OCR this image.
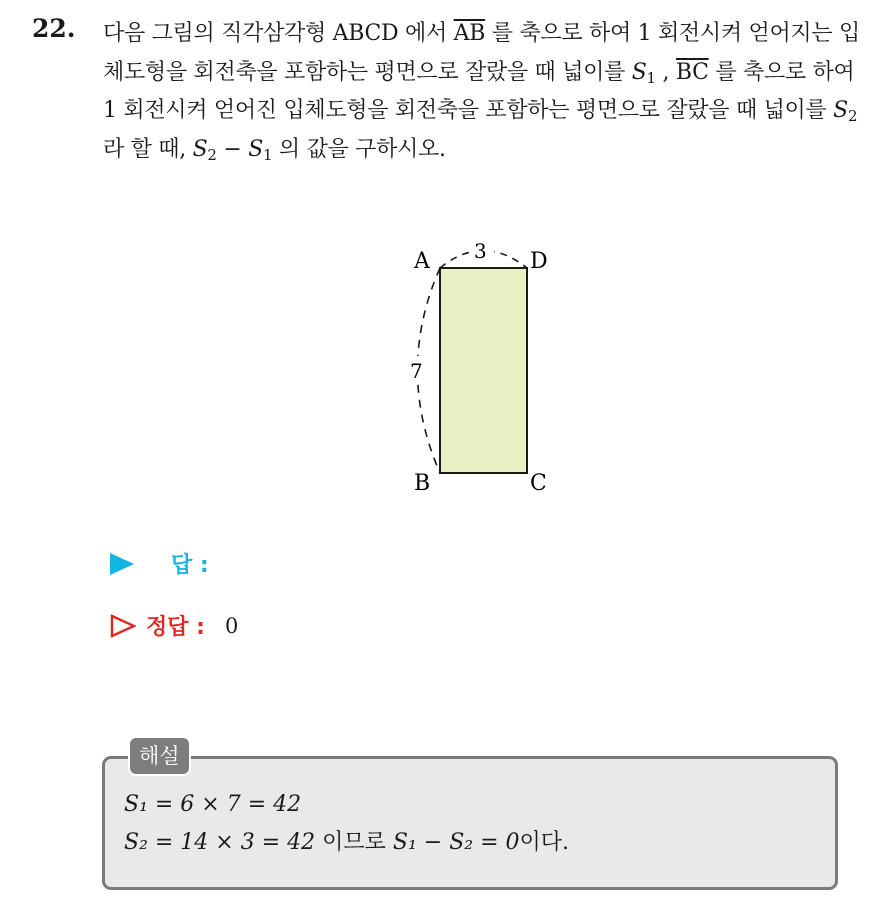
22. 다음 그림의 직각삼각형 ABCD 에서 $\overline{AB}$ 를 축으로 하여 1 회전시켜 얻어지는 입체도형을 회전축을 포함하는 평면으로 잘랐을 때 넓이를 $S_1$ , $\overline{BC}$ 를 축으로 하여 1 회전시켜 얻어진 입체도형을 회전축을 포함하는 평면으로 잘랐을 때 넓이를 $S_2$ 라 할 때, $S_2 - S_1$ 의 값을 구하시오.
A	D
B	C
3
7
답 :
정답 : 0
해설
S₁ = 6 × 7 = 42
S₂ = 14 × 3 = 42 이므로 S₁ − S₂ = 0이다.
